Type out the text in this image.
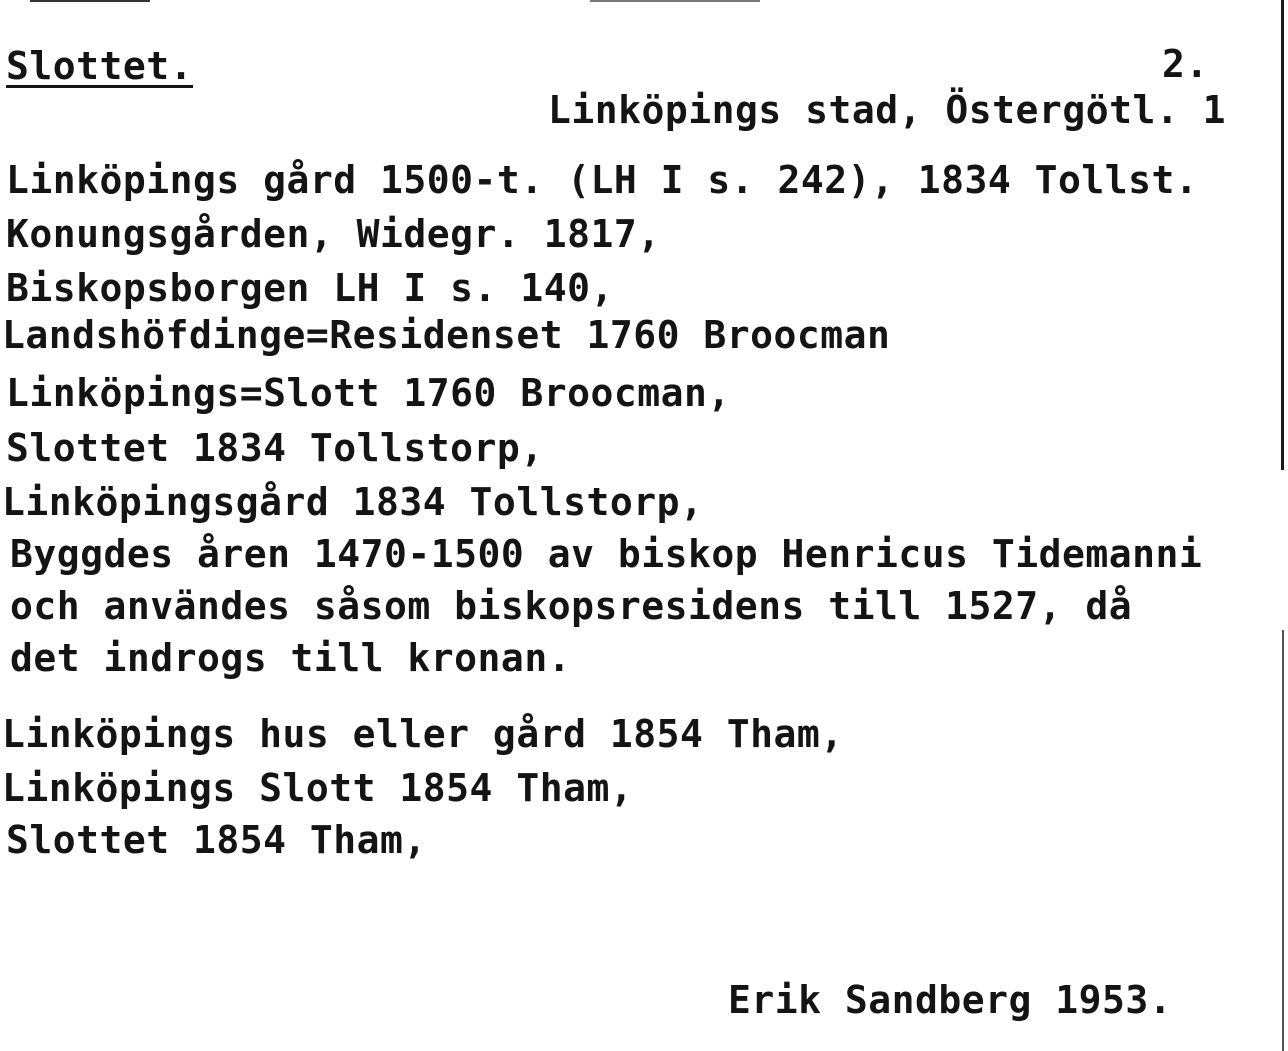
Slottet.	2.
Linköpings stad, Östergötl. 1
Linköpings gård 1500-t. (LH I s. 242), 1834 Tollst.
Konungsgården, Widegr. 1817,
Biskopsborgen LH I s. 140,
Landshöfdinge=Residenset 1760 Broocman
Linköpings=Slott 1760 Broocman,
Slottet 1834 Tollstorp,
Linköpingsgård 1834 Tollstorp,
Byggdes åren 1470-1500 av biskop Henricus Tidemanni
och användes såsom biskopsresidens till 1527, då
det indrogs till kronan.
Linköpings hus eller gård 1854 Tham,
Linköpings Slott 1854 Tham,
Slottet 1854 Tham,
Erik Sandberg 1953.
